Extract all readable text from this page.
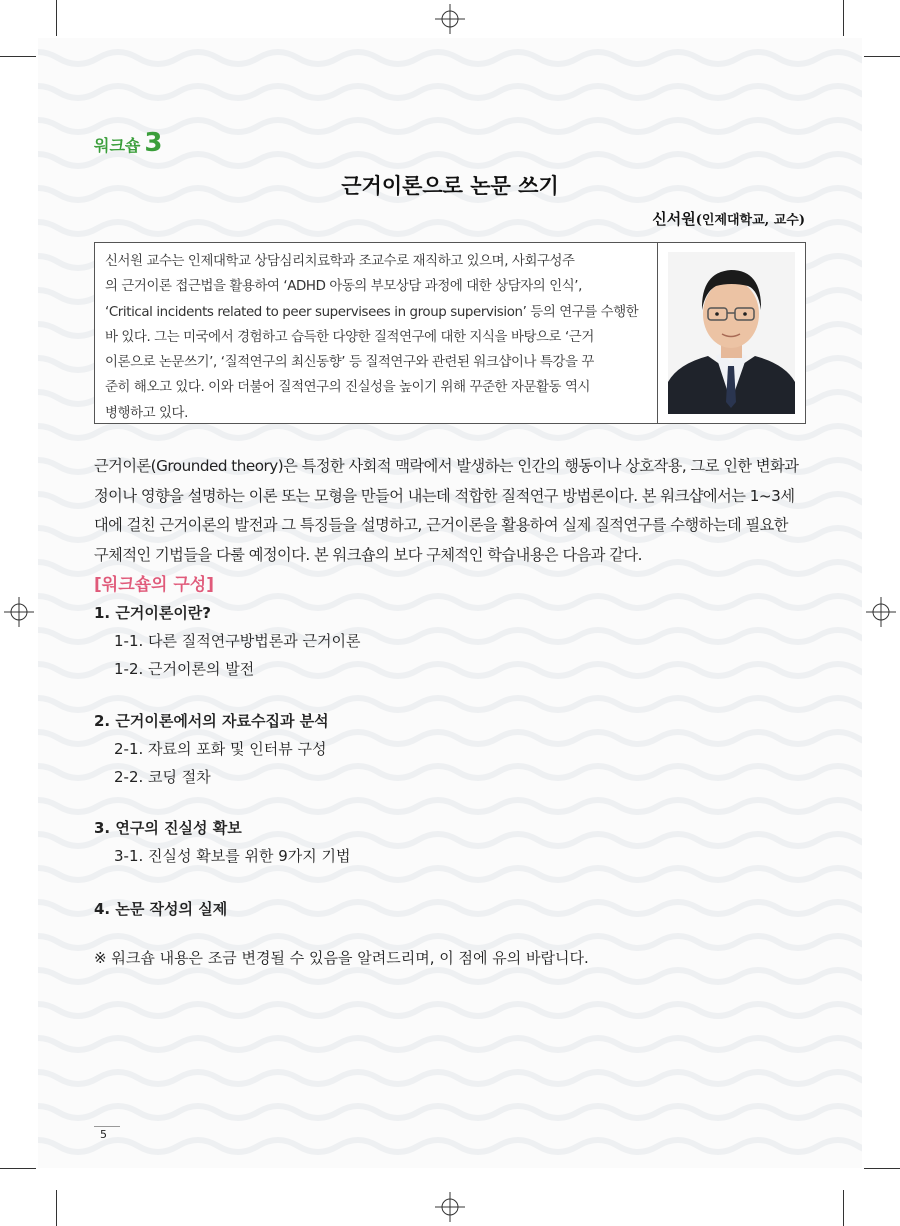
워크숍 3
근거이론으로 논문 쓰기
신서원(인제대학교, 교수)
신서원 교수는 인제대학교 상담심리치료학과 조교수로 재직하고 있으며, 사회구성주
의 근거이론 접근법을 활용하여 ‘ADHD 아동의 부모상담 과정에 대한 상담자의 인식’,
‘Critical incidents related to peer supervisees in group supervision’ 등의 연구를 수행한
바 있다. 그는 미국에서 경험하고 습득한 다양한 질적연구에 대한 지식을 바탕으로 ‘근거
이론으로 논문쓰기’, ‘질적연구의 최신동향’ 등 질적연구와 관련된 워크샵이나 특강을 꾸
준히 해오고 있다. 이와 더불어 질적연구의 진실성을 높이기 위해 꾸준한 자문활동 역시
병행하고 있다.
근거이론(Grounded theory)은 특정한 사회적 맥락에서 발생하는 인간의 행동이나 상호작용, 그로 인한 변화과
정이나 영향을 설명하는 이론 또는 모형을 만들어 내는데 적합한 질적연구 방법론이다. 본 워크샵에서는 1~3세
대에 걸친 근거이론의 발전과 그 특징들을 설명하고, 근거이론을 활용하여 실제 질적연구를 수행하는데 필요한
구체적인 기법들을 다룰 예정이다. 본 워크숍의 보다 구체적인 학습내용은 다음과 같다.
[워크숍의 구성]
1. 근거이론이란?
1-1. 다른 질적연구방법론과 근거이론
1-2. 근거이론의 발전
2. 근거이론에서의 자료수집과 분석
2-1. 자료의 포화 및 인터뷰 구성
2-2. 코딩 절차
3. 연구의 진실성 확보
3-1. 진실성 확보를 위한 9가지 기법
4. 논문 작성의 실제
※ 워크숍 내용은 조금 변경될 수 있음을 알려드리며, 이 점에 유의 바랍니다.
5
